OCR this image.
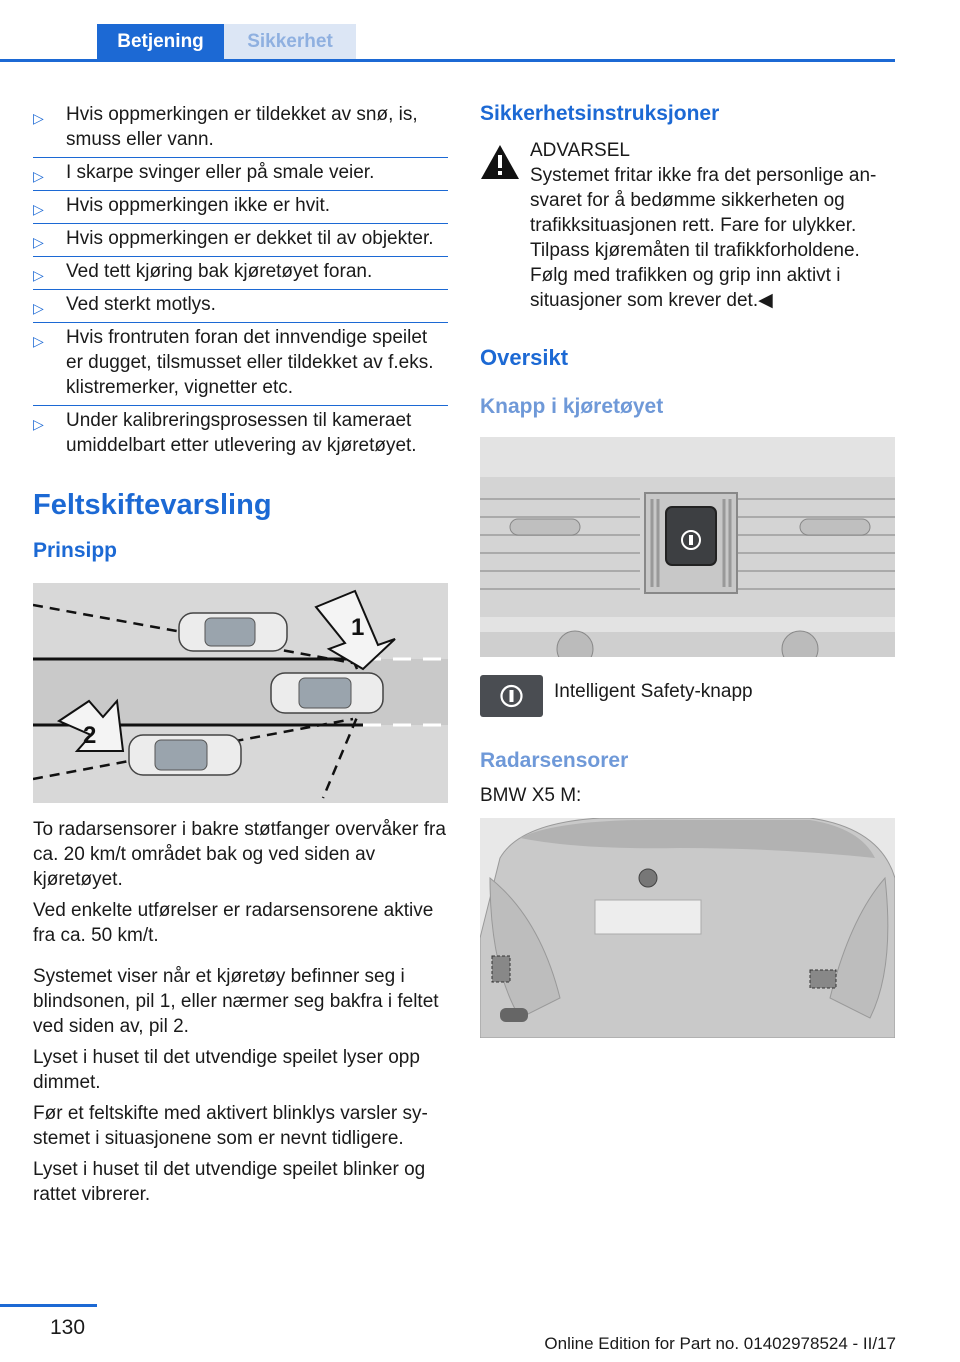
Betjening	Sikkerhet
▷ Hvis oppmerkingen er tildekket av snø, is, smuss eller vann.
▷ I skarpe svinger eller på smale veier.
▷ Hvis oppmerkingen ikke er hvit.
▷ Hvis oppmerkingen er dekket til av objekter.
▷ Ved tett kjøring bak kjøretøyet foran.
▷ Ved sterkt motlys.
▷ Hvis frontruten foran det innvendige speilet er dugget, tilsmusset eller tildekket av f.eks. klistremerker, vignetter etc.
▷ Under kalibreringsprosessen til kameraet umiddelbart etter utlevering av kjøretøyet.
Feltskiftevarsling
Prinsipp
1
2
To radarsensorer i bakre støtfanger overvåker fra ca. 20 km/t området bak og ved siden av kjøretøyet.
Ved enkelte utførelser er radarsensorene aktive fra ca. 50 km/t.
Systemet viser når et kjøretøy befinner seg i blindsonen, pil 1, eller nærmer seg bakfra i feltet ved siden av, pil 2.
Lyset i huset til det utvendige speilet lyser opp dimmet.
Før et feltskifte med aktivert blinklys varsler systemet i situasjonene som er nevnt tidligere.
Lyset i huset til det utvendige speilet blinker og rattet vibrerer.
Sikkerhetsinstruksjoner
ADVARSEL
Systemet fritar ikke fra det personlige ansvaret for å bedømme sikkerheten og trafikksituasjonen rett. Fare for ulykker. Tilpass kjøremåten til trafikkforholdene. Følg med trafikken og grip inn aktivt i situasjoner som krever det.◀
Oversikt
Knapp i kjøretøyet
Intelligent Safety-knapp
Radarsensorer
BMW X5 M:
130
Online Edition for Part no. 01402978524 - II/17
